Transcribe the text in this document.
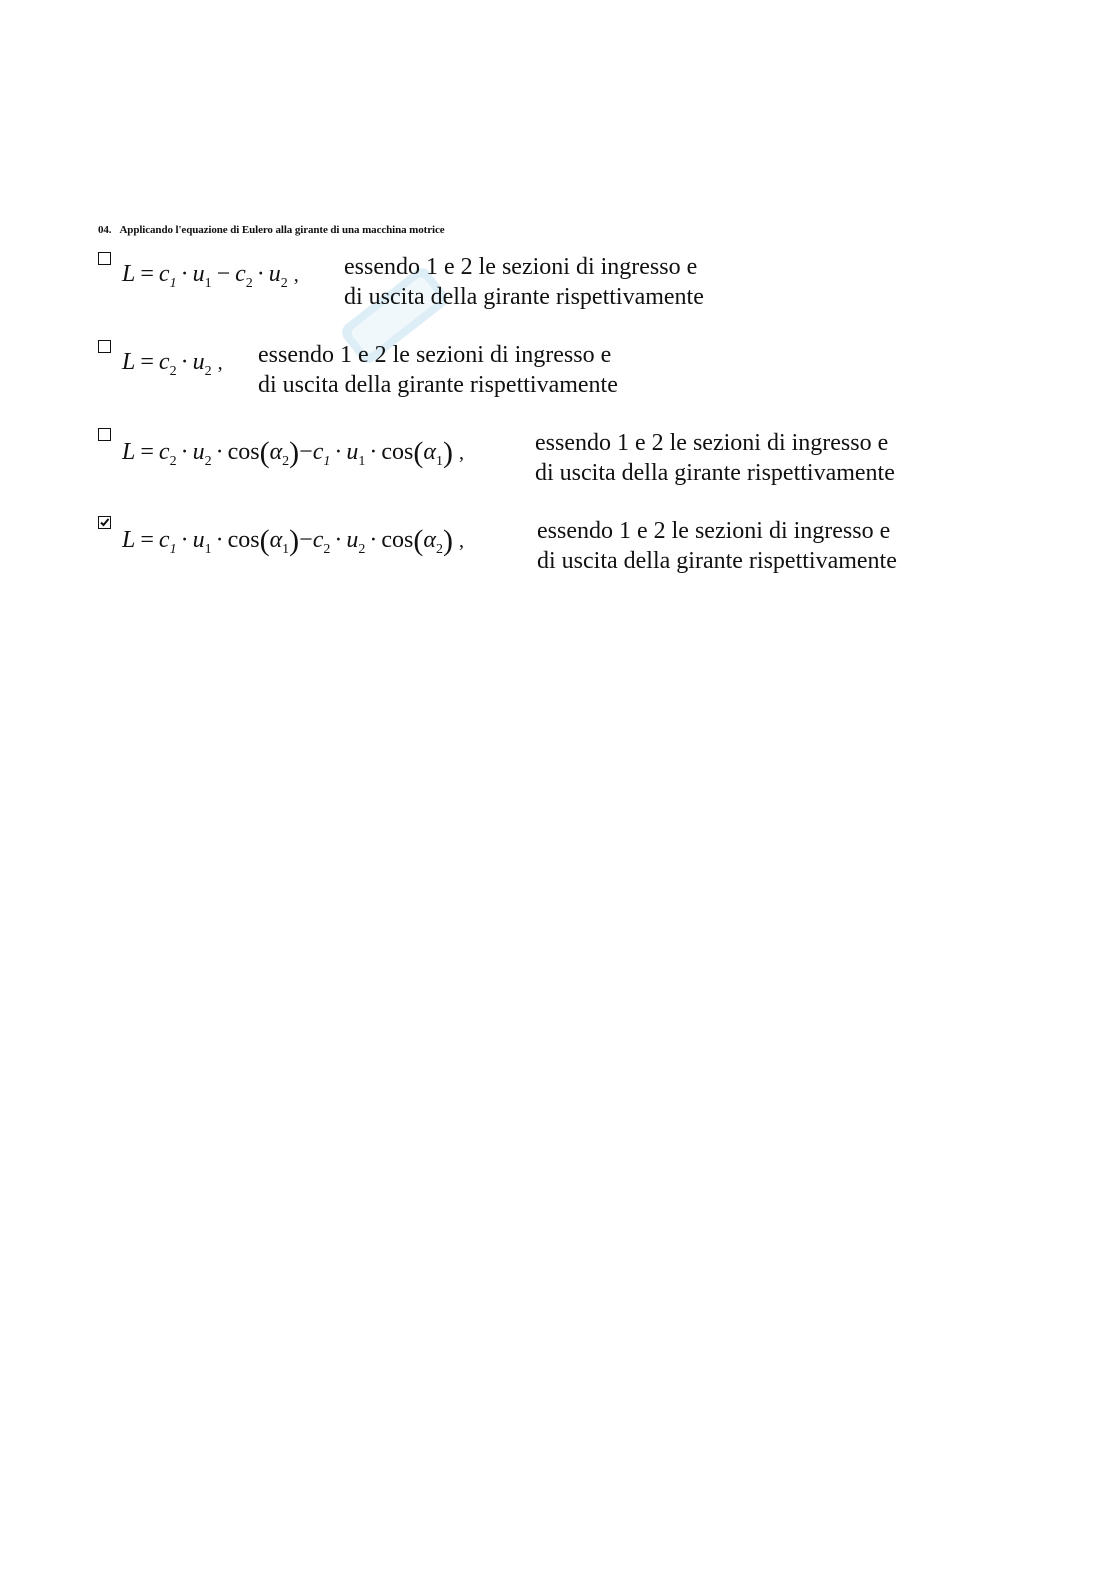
04. Applicando l'equazione di Eulero alla girante di una macchina motrice
$L = c_1 \cdot u_1 - c_2 \cdot u_2$ , essendo 1 e 2 le sezioni di ingresso e
di uscita della girante rispettivamente
$L = c_2 \cdot u_2$ , essendo 1 e 2 le sezioni di ingresso e
di uscita della girante rispettivamente
$L = c_2 \cdot u_2 \cdot \cos(\alpha_2)-c_1 \cdot u_1 \cdot \cos(\alpha_1)$ ,	essendo 1 e 2 le sezioni di ingresso e
di uscita della girante rispettivamente
$L = c_1 \cdot u_1 \cdot \cos(\alpha_1)-c_2 \cdot u_2 \cdot \cos(\alpha_2)$ ,	essendo 1 e 2 le sezioni di ingresso e
di uscita della girante rispettivamente
